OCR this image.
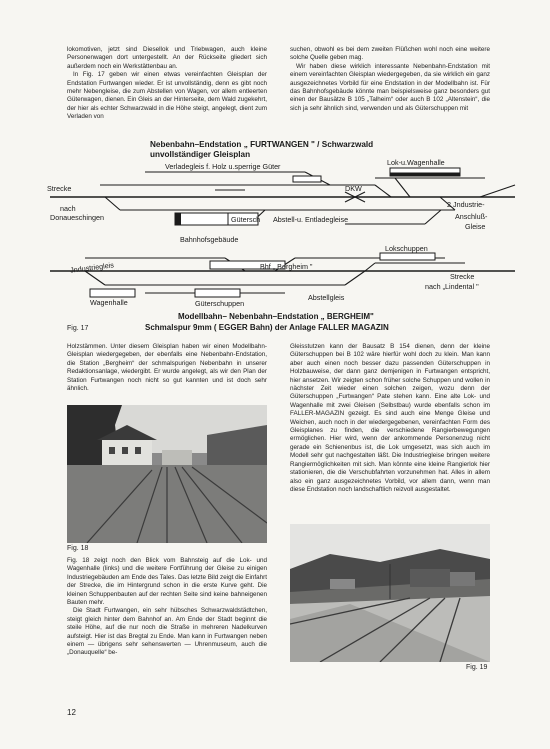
lokomotiven, jetzt sind Diesellok und Triebwagen, auch kleine Personenwagen dort untergestellt. An der Rückseite gliedert sich außerdem noch ein Werkstättenbau an.

In Fig. 17 geben wir einen etwas vereinfachten Gleisplan der Endstation Furtwangen wieder. Er ist unvollständig, denn es gibt noch mehr Nebengleise, die zum Abstellen von Wagen, vor allem entleerten Güterwagen, dienen. Ein Gleis an der Hinterseite, dem Wald zugekehrt, der hier als echter Schwarzwald in die Höhe steigt, angelegt, dient zum Verladen von

suchen, obwohl es bei dem zweiten Flüßchen wohl noch eine weitere solche Quelle geben mag.

Wir haben diese wirklich interessante Nebenbahn-Endstation mit einem vereinfachten Gleisplan wiedergegeben, da sie wirklich ein ganz ausgezeichnetes Vorbild für eine Endstation in der Modellbahn ist. Für das Bahnhofsgebäude könnte man beispielsweise ganz besonders gut einen der Bausätze B 105 „Talheim“ oder auch B 102 „Altenstein“, die sich ja sehr ähnlich sind, verwenden und als Güterschuppen mit

Nebenbahn–Endstation „ FURTWANGEN " / Schwarzwald
unvollständiger Gleisplan
Verladegleis f. Holz u.sperrige Güter	Lok-u.Wagenhalle
Strecke
nach
Donaueschingen
DKW
2 Jndustrie-
Anschluß-
Gleise
Gütersch Abstell-u. Entladegleise
Bahnhofsgebäude
Jndustriegleis	Bhf „ Bergheim "
Lokschuppen
Strecke
nach „Lindental "
Wagenhalle	Güterschuppen
Abstellgleis
Modellbahn– Nebenbahn–Endstation „ BERGHEIM"
Schmalspur 9mm ( EGGER Bahn) der Anlage FALLER MAGAZIN
Fig. 17

Holzstämmen. Unter diesem Gleisplan haben wir einen Modellbahn-Gleisplan wiedergegeben, der ebenfalls eine Nebenbahn-Endstation, die Station „Bergheim“ der schmalspurigen Nebenbahn in unserer Redaktionsanlage, wiedergibt. Er wurde angelegt, als wir den Plan der Station Furtwangen noch nicht so gut kannten und ist doch sehr ähnlich.

Gleisstutzen kann der Bausatz B 154 dienen, denn der kleine Güterschuppen bei B 102 wäre hierfür wohl doch zu klein. Man kann aber auch einen noch besser dazu passenden Güterschuppen in Holzbauweise, der dann ganz demjenigen in Furtwangen entspricht, hier ansetzen. Wir zeigten schon früher solche Schuppen und wollen in nächster Zeit wieder einen solchen zeigen, wozu denn der Güterschuppen „Furtwangen“ Pate stehen kann. Eine alte Lok- und Wagenhalle mit zwei Gleisen (Selbstbau) wurde ebenfalls schon im FALLER-MAGAZIN gezeigt. Es sind auch eine Menge Gleise und Weichen, auch noch in der wiedergegebenen, vereinfachten Form des Gleisplanes zu finden, die verschiedene Rangierbewegungen ermöglichen. Hier wird, wenn der ankommende Personenzug nicht gerade ein Schienenbus ist, die Lok umgesetzt, was sich auch im Modell sehr gut nachgestalten läßt. Die Industriegleise bringen weitere Rangiermöglichkeiten mit sich. Man könnte eine kleine Rangierlok hier stationieren, die die Verschubfahrten vorzunehmen hat. Alles in allem also ein ganz ausgezeichnetes Vorbild, vor allem dann, wenn man diese Endstation noch landschaftlich reizvoll ausgestaltet.

Fig. 18

Fig. 18 zeigt noch den Blick vom Bahnsteig auf die Lok- und Wagenhalle (links) und die weitere Fortführung der Gleise zu einigen Industriegebäuden am Ende des Tales. Das letzte Bild zeigt die Einfahrt der Strecke, die im Hintergrund schon in die erste Kurve geht. Die kleinen Schuppenbauten auf der rechten Seite sind keine bahneigenen Bauten mehr.

Die Stadt Furtwangen, ein sehr hübsches Schwarzwaldstädtchen, steigt gleich hinter dem Bahnhof an. Am Ende der Stadt beginnt die steile Höhe, auf die nur noch die Straße in mehreren Nadelkurven aufsteigt. Hier ist das Bregtal zu Ende. Man kann in Furtwangen neben einem — übrigens sehr sehenswerten — Uhrenmuseum, auch die „Donauquelle“ be-

Fig. 19
12
